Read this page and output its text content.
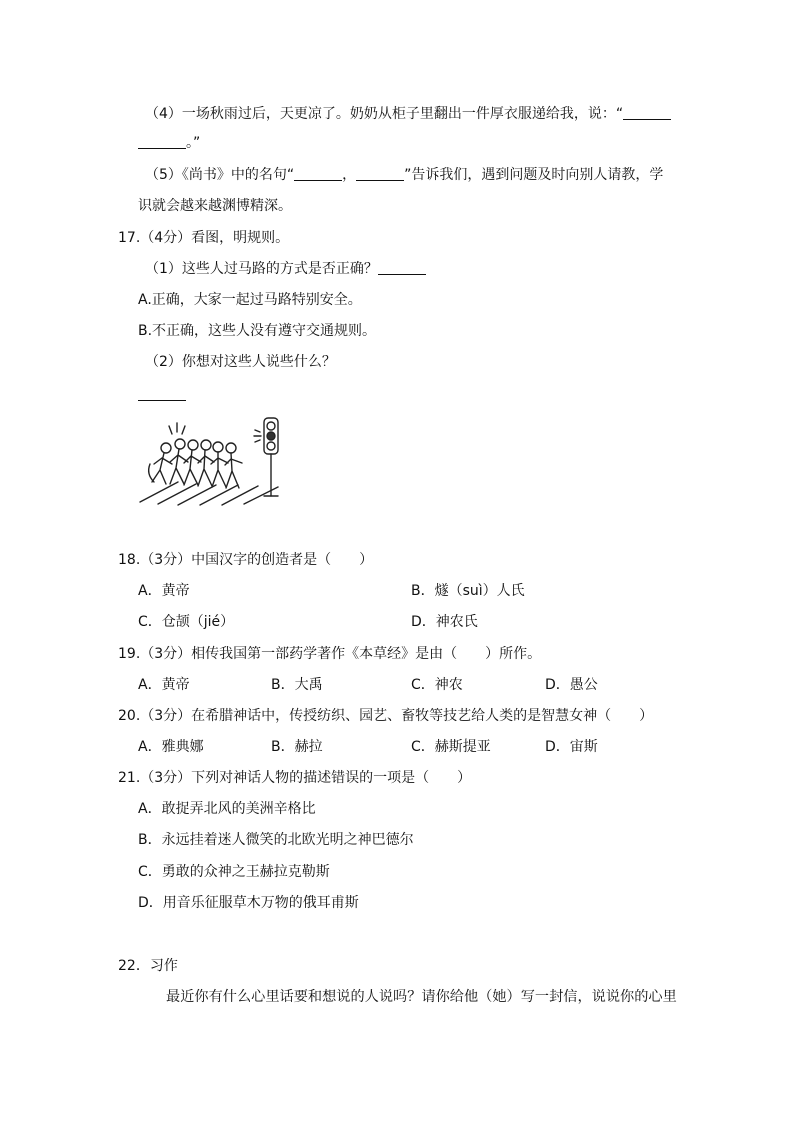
（4）一场秋雨过后，天更凉了。奶奶从柜子里翻出一件厚衣服递给我，说：“
。”
（5）《尚书》中的名句“	，	”告诉我们，遇到问题及时向别人请教，学
识就会越来越渊博精深。
17.（4分）看图，明规则。
（1）这些人过马路的方式是否正确？
A.正确，大家一起过马路特别安全。
B.不正确，这些人没有遵守交通规则。
（2）你想对这些人说些什么？
18.（3分）中国汉字的创造者是（　　）
A．黄帝	B．燧（suì）人氏
C．仓颉（jié）	D．神农氏
19.（3分）相传我国第一部药学著作《本草经》是由（　　）所作。
A．黄帝	B．大禹	C．神农	D．愚公
20.（3分）在希腊神话中，传授纺织、园艺、畜牧等技艺给人类的是智慧女神（　　）
A．雅典娜	B．赫拉	C．赫斯提亚	D．宙斯
21.（3分）下列对神话人物的描述错误的一项是（　　）
A．敢捉弄北风的美洲辛格比
B．永远挂着迷人微笑的北欧光明之神巴德尔
C．勇敢的众神之王赫拉克勒斯
D．用音乐征服草木万物的俄耳甫斯
22．习作
最近你有什么心里话要和想说的人说吗？请你给他（她）写一封信，说说你的心里
